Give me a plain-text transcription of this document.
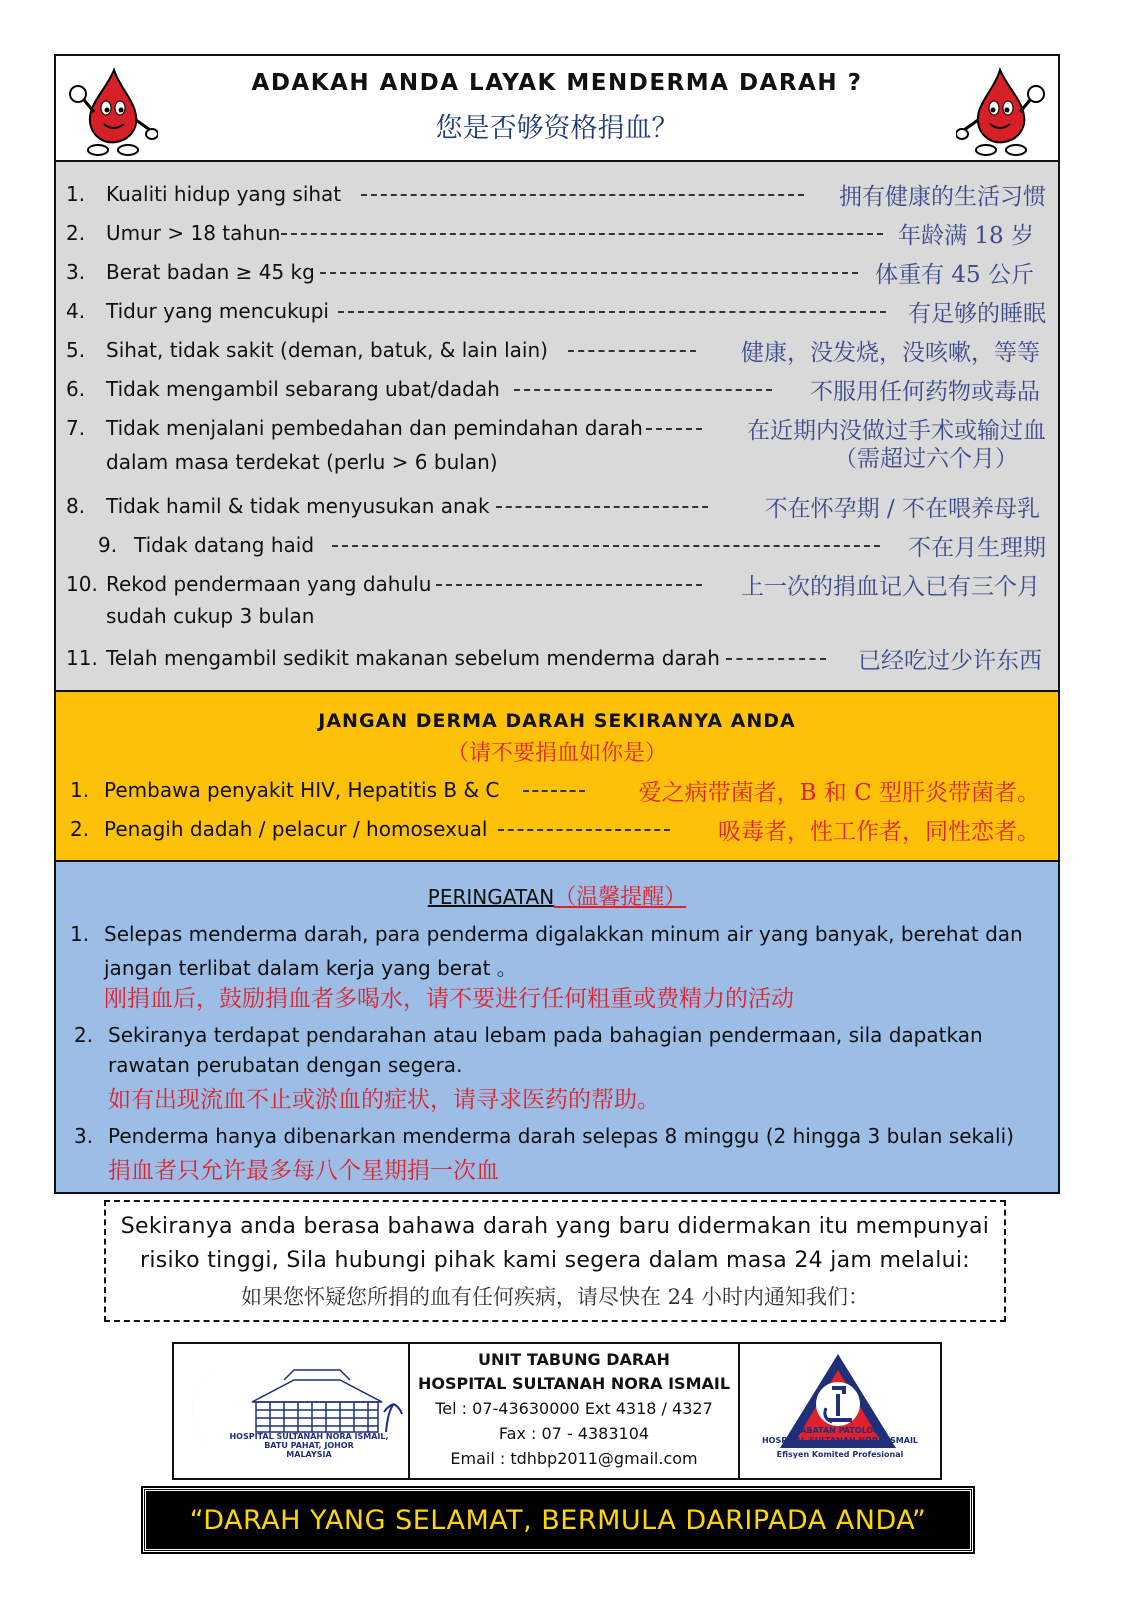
ADAKAH ANDA LAYAK MENDERMA DARAH ?
您是否够资格捐血？
1. Kualiti hidup yang sihat	拥有健康的生活习惯
2. Umur > 18 tahun	年龄满 18 岁
3. Berat badan ≥ 45 kg	体重有 45 公斤
4. Tidur yang mencukupi	有足够的睡眠
5. Sihat, tidak sakit (deman, batuk, & lain lain)	健康，没发烧，没咳嗽，等等
6. Tidak mengambil sebarang ubat/dadah	不服用任何药物或毒品
7. Tidak menjalani pembedahan dan pemindahan darah	在近期内没做过手术或输过血
dalam masa terdekat (perlu > 6 bulan)	（需超过六个月）
8. Tidak hamil & tidak menyusukan anak	不在怀孕期 / 不在喂养母乳
9. Tidak datang haid	不在月生理期
10. Rekod pendermaan yang dahulu	上一次的捐血记入已有三个月
sudah cukup 3 bulan
11. Telah mengambil sedikit makanan sebelum menderma darah	已经吃过少许东西
JANGAN DERMA DARAH SEKIRANYA ANDA
（请不要捐血如你是）
1. Pembawa penyakit HIV, Hepatitis B & C	爱之病带菌者，B 和 C 型肝炎带菌者。
2. Penagih dadah / pelacur / homosexual	吸毒者，性工作者，同性恋者。
PERINGATAN（温馨提醒）
1. Selepas menderma darah, para penderma digalakkan minum air yang banyak, berehat dan
jangan terlibat dalam kerja yang berat 。
刚捐血后，鼓励捐血者多喝水，请不要进行任何粗重或费精力的活动
2. Sekiranya terdapat pendarahan atau lebam pada bahagian pendermaan, sila dapatkan
rawatan perubatan dengan segera.
如有出现流血不止或淤血的症状，请寻求医药的帮助。
3. Penderma hanya dibenarkan menderma darah selepas 8 minggu (2 hingga 3 bulan sekali)
捐血者只允许最多每八个星期捐一次血
Sekiranya anda berasa bahawa darah yang baru didermakan itu mempunyai
risiko tinggi, Sila hubungi pihak kami segera dalam masa 24 jam melalui:
如果您怀疑您所捐的血有任何疾病，请尽快在 24 小时内通知我们：
HOSPITAL SULTANAH NORA ISMAIL,
BATU PAHAT, JOHOR
MALAYSIA
UNIT TABUNG DARAH
HOSPITAL SULTANAH NORA ISMAIL
Tel : 07-43630000 Ext 4318 / 4327
Fax : 07 - 4383104
Email : tdhbp2011@gmail.com
JABATAN PATOLOGI
HOSPITAL SULTANAH NORA ISMAIL
Efisyen Komited Profesional
“DARAH YANG SELAMAT, BERMULA DARIPADA ANDA”
